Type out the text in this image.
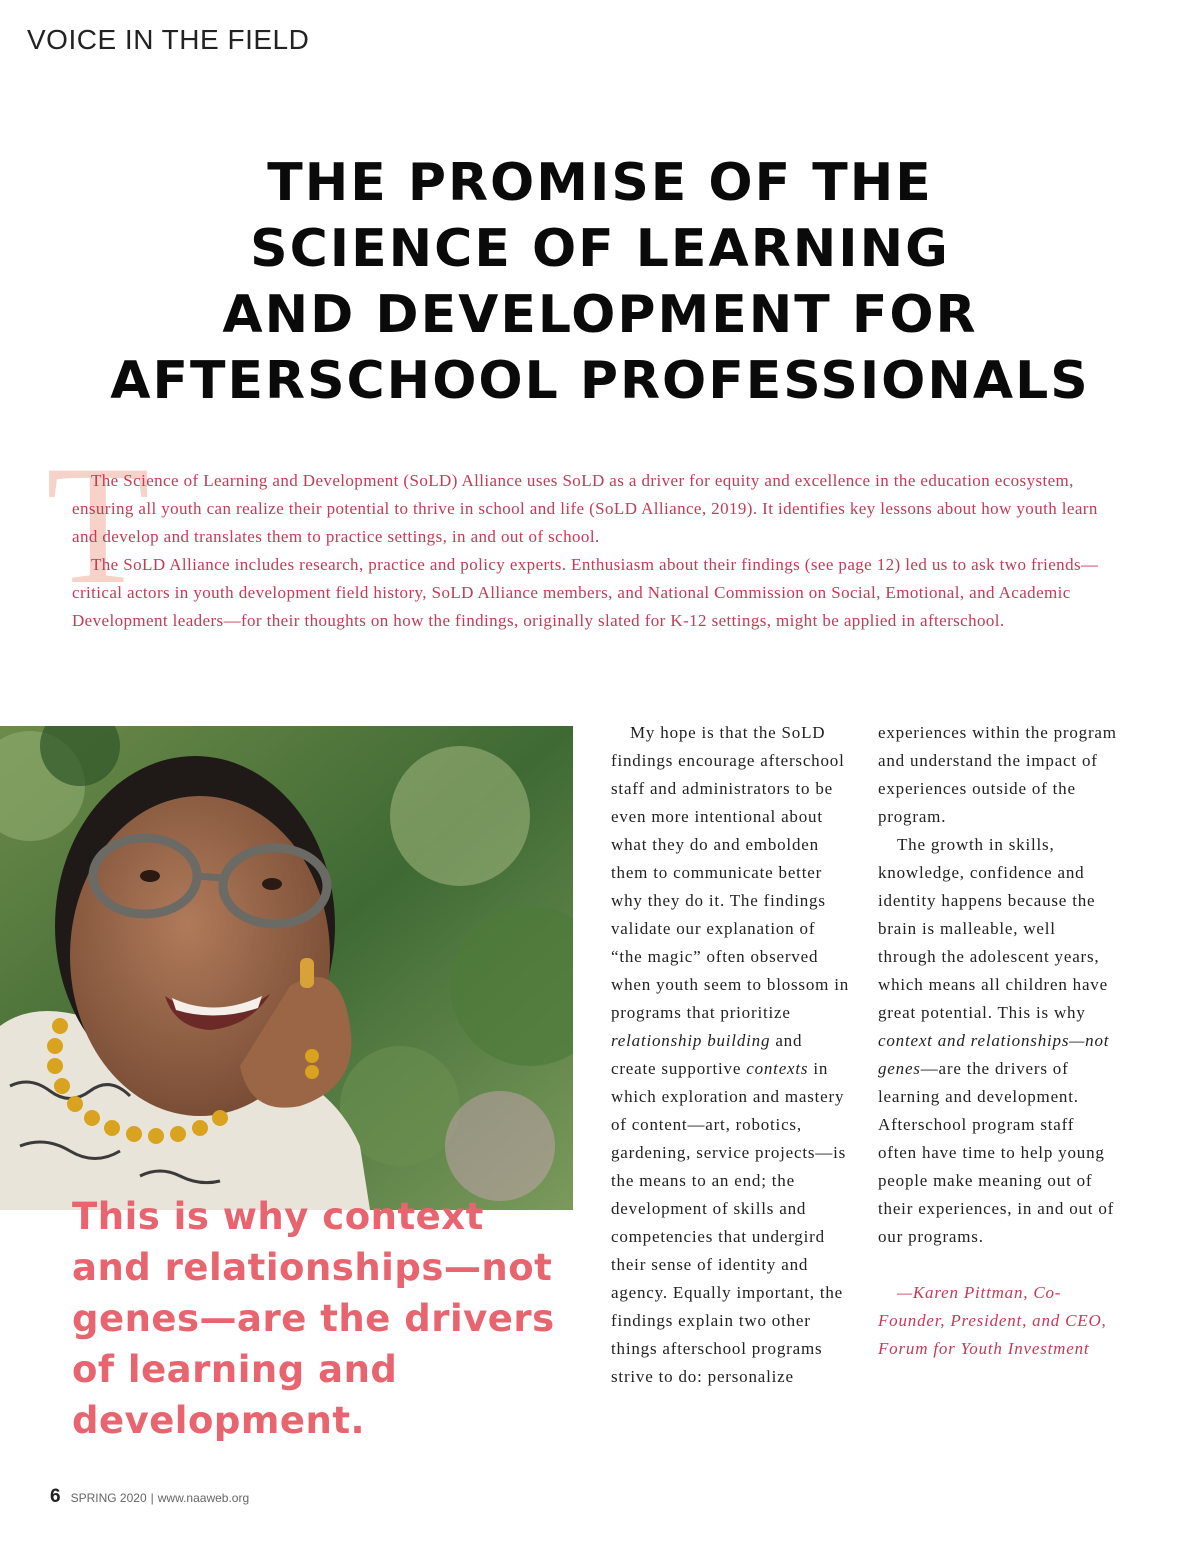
VOICE IN THE FIELD
THE PROMISE OF THE
SCIENCE OF LEARNING
AND DEVELOPMENT FOR
AFTERSCHOOL PROFESSIONALS
T

The Science of Learning and Development (SoLD) Alliance uses SoLD as a driver for equity and excellence in the education ecosystem, ensuring all youth can realize their potential to thrive in school and life (SoLD Alliance, 2019). It identifies key lessons about how youth learn and develop and translates them to practice settings, in and out of school.

The SoLD Alliance includes research, practice and policy experts. Enthusiasm about their findings (see page 12) led us to ask two friends—critical actors in youth development field history, SoLD Alliance members, and National Commission on Social, Emotional, and Academic Development leaders—for their thoughts on how the findings, originally slated for K-12 settings, might be applied in afterschool.

This is why context and relationships—not genes—are the drivers of learning and development.

My hope is that the SoLD findings encourage afterschool staff and administrators to be even more intentional about what they do and embolden them to communicate better why they do it. The findings validate our explanation of “the magic” often observed when youth seem to blossom in programs that prioritize relationship building and create supportive contexts in which exploration and mastery of content—art, robotics, gardening, service projects—is the means to an end; the development of skills and competencies that undergird their sense of identity and agency. Equally important, the findings explain two other things afterschool programs strive to do: personalize

experiences within the program and understand the impact of experiences outside of the program.

The growth in skills, knowledge, confidence and identity happens because the brain is malleable, well through the adolescent years, which means all children have great potential. This is why context and relationships—not genes—are the drivers of learning and development. Afterschool program staff often have time to help young people make meaning out of their experiences, in and out of our programs.

—Karen Pittman, Co-Founder, President, and CEO, Forum for Youth Investment

6 SPRING 2020 | www.naaweb.org
